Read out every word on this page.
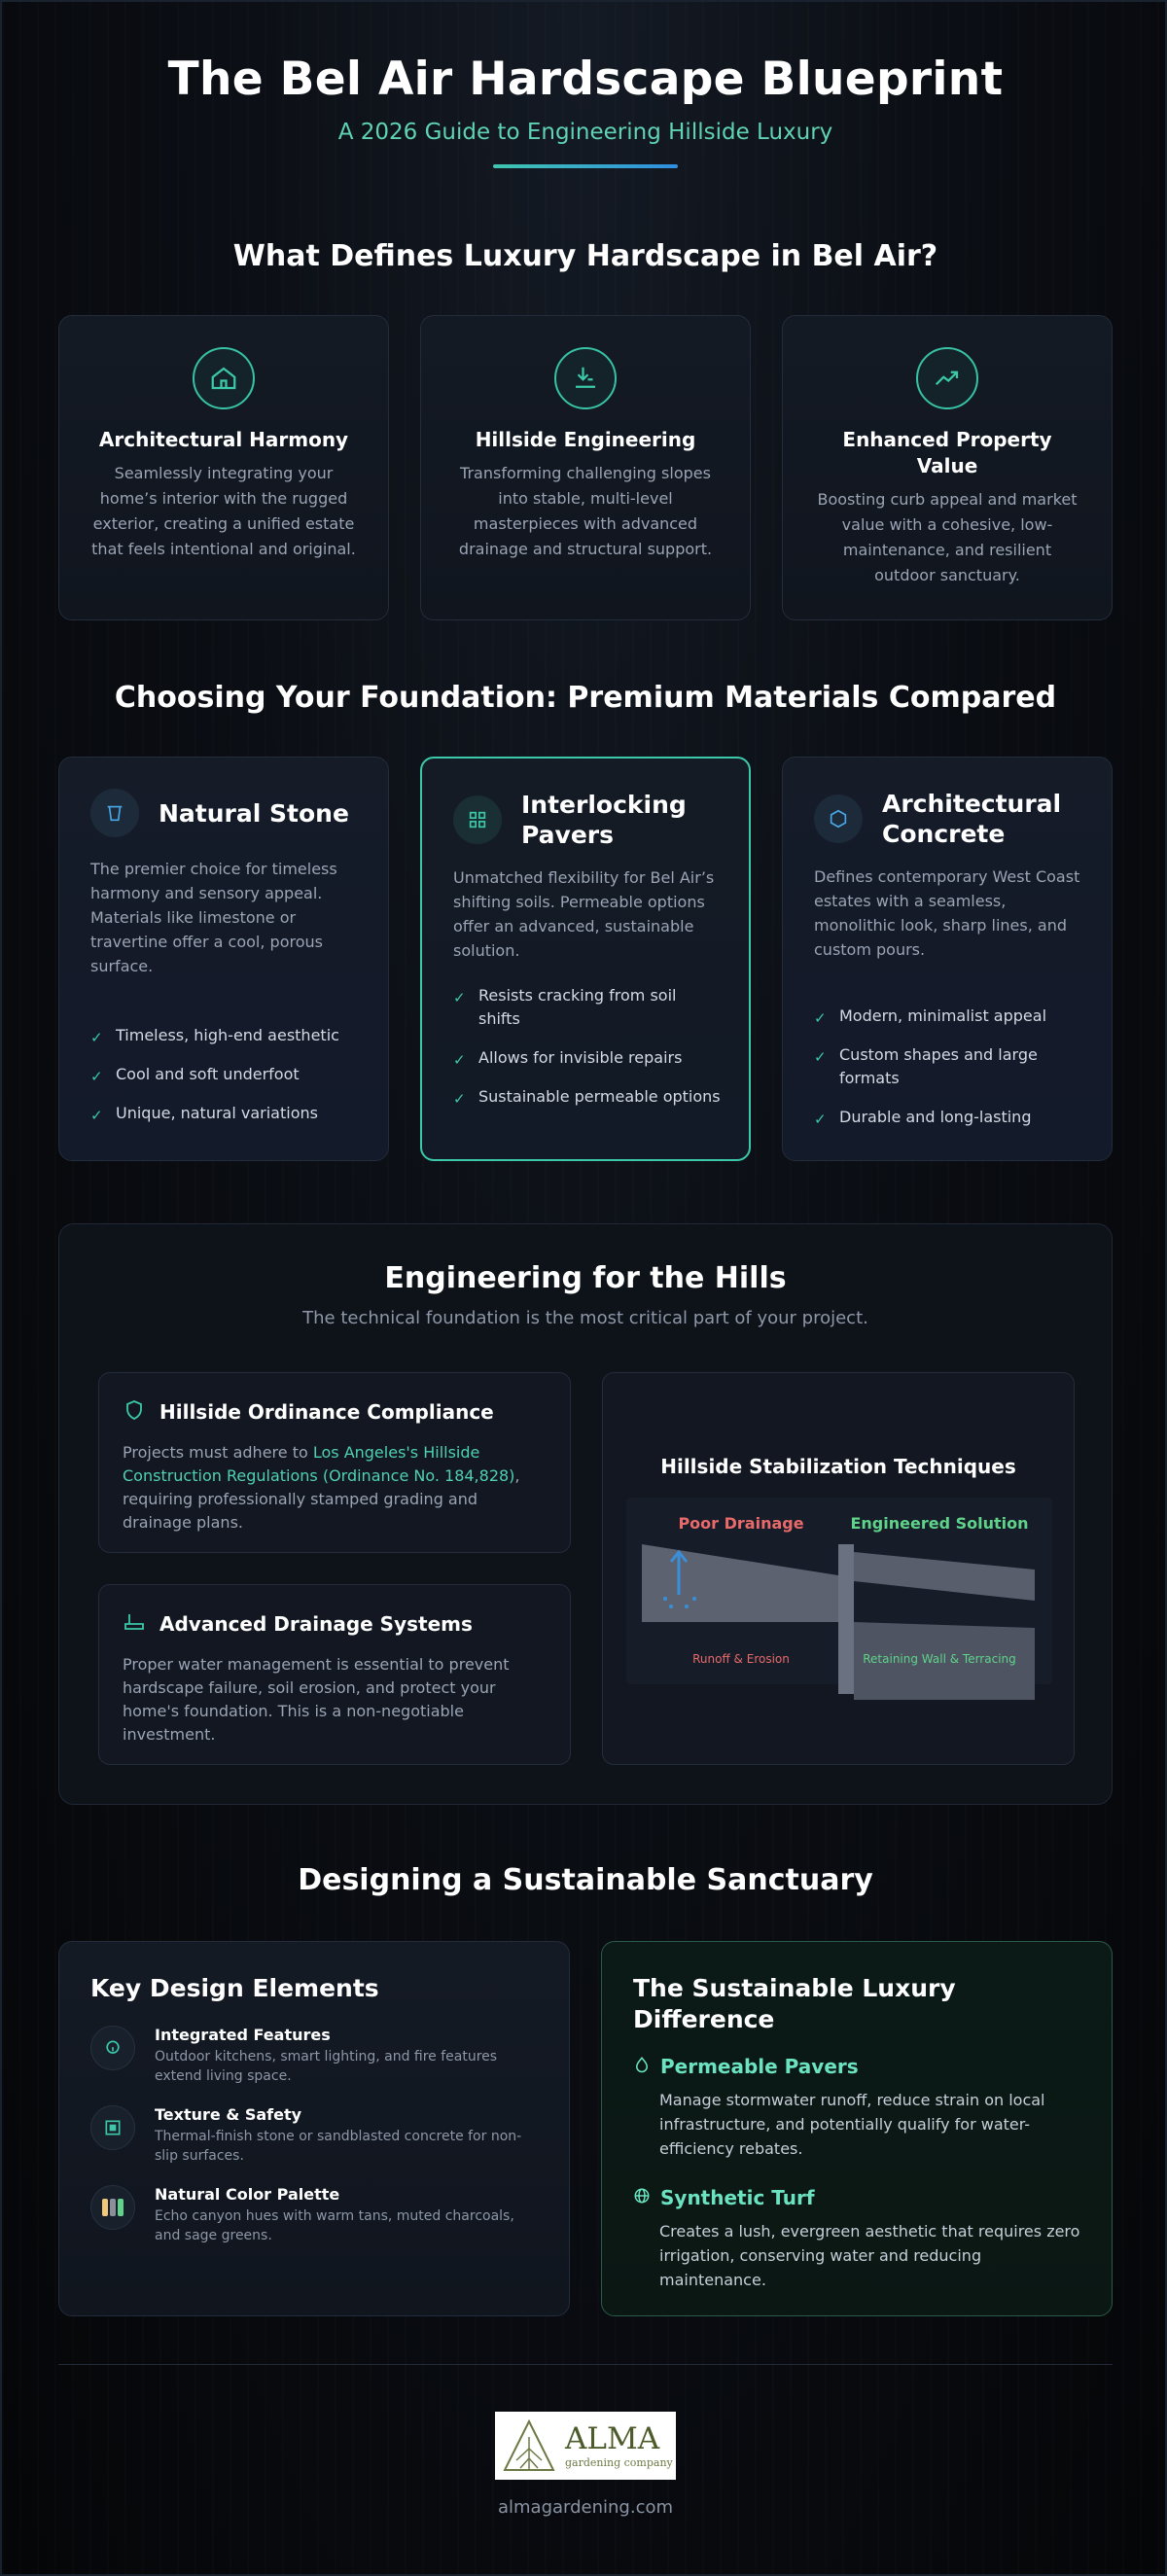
The Bel Air Hardscape Blueprint
A 2026 Guide to Engineering Hillside Luxury
What Defines Luxury Hardscape in Bel Air?
Architectural Harmony

Seamlessly integrating your home’s interior with the rugged exterior, creating a unified estate that feels intentional and original.

Hillside Engineering

Transforming challenging slopes into stable, multi-level masterpieces with advanced drainage and structural support.

Enhanced Property Value

Boosting curb appeal and market value with a cohesive, low-maintenance, and resilient outdoor sanctuary.

Choosing Your Foundation: Premium Materials Compared
Natural Stone

The premier choice for timeless harmony and sensory appeal. Materials like limestone or travertine offer a cool, porous surface.

✓ Timeless, high-end aesthetic
✓ Cool and soft underfoot
✓ Unique, natural variations
Interlocking Pavers

Unmatched flexibility for Bel Air’s shifting soils. Permeable options offer an advanced, sustainable solution.

✓ Resists cracking from soil shifts
✓ Allows for invisible repairs
✓ Sustainable permeable options
Architectural Concrete

Defines contemporary West Coast estates with a seamless, monolithic look, sharp lines, and custom pours.

✓ Modern, minimalist appeal
✓ Custom shapes and large formats
✓ Durable and long-lasting
Engineering for the Hills
The technical foundation is the most critical part of your project.
Hillside Ordinance Compliance

Projects must adhere to Los Angeles's Hillside Construction Regulations (Ordinance No. 184,828), requiring professionally stamped grading and drainage plans.

Advanced Drainage Systems

Proper water management is essential to prevent hardscape failure, soil erosion, and protect your home's foundation. This is a non-negotiable investment.

Hillside Stabilization Techniques
Poor Drainage	Engineered Solution
Runoff & Erosion	Retaining Wall & Terracing
Designing a Sustainable Sanctuary
Key Design Elements
Integrated Features

Outdoor kitchens, smart lighting, and fire features extend living space.

Texture & Safety

Thermal-finish stone or sandblasted concrete for non-slip surfaces.

Natural Color Palette

Echo canyon hues with warm tans, muted charcoals, and sage greens.

The Sustainable Luxury Difference
Permeable Pavers

Manage stormwater runoff, reduce strain on local infrastructure, and potentially qualify for water-efficiency rebates.

Synthetic Turf

Creates a lush, evergreen aesthetic that requires zero irrigation, conserving water and reducing maintenance.

ALMA
gardening company
almagardening.com
